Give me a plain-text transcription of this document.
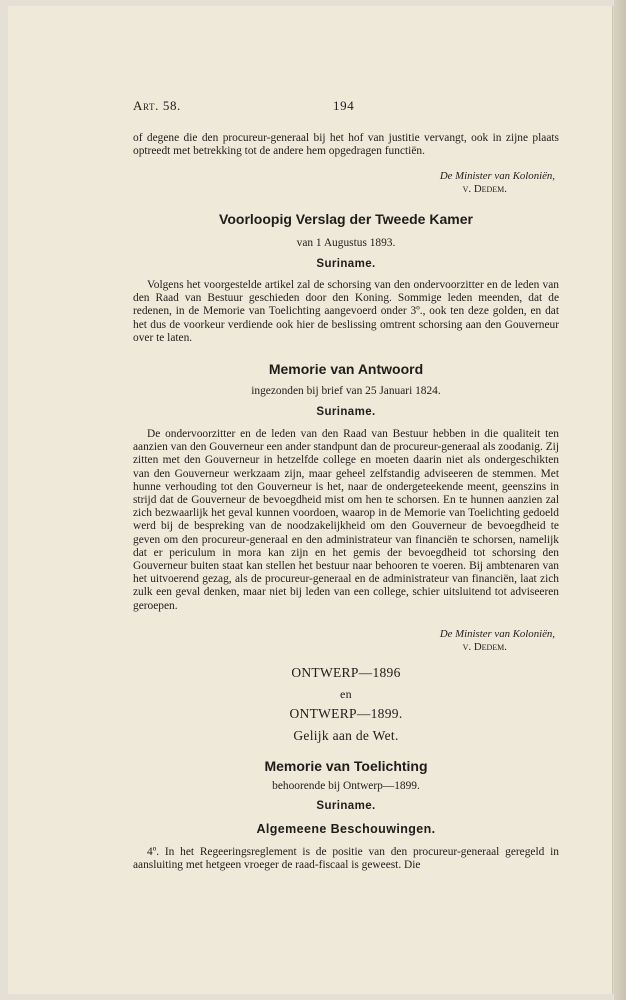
Art. 58.	194

of degene die den procureur-generaal bij het hof van justitie vervangt, ook in zijne plaats optreedt met betrekking tot de andere hem opgedragen functiën.

De Minister van Koloniën,
v. Dedem.
Voorloopig Verslag der Tweede Kamer
van 1 Augustus 1893.
Suriname.

Volgens het voorgestelde artikel zal de schorsing van den ondervoorzitter en de leden van den Raad van Bestuur geschieden door den Koning. Sommige leden meenden, dat de redenen, in de Memorie van Toelichting aangevoerd onder 3º., ook ten deze golden, en dat het dus de voorkeur verdiende ook hier de beslissing omtrent schorsing aan den Gouverneur over te laten.

Memorie van Antwoord
ingezonden bij brief van 25 Januari 1824.
Suriname.

De ondervoorzitter en de leden van den Raad van Bestuur hebben in die qualiteit ten aanzien van den Gouverneur een ander standpunt dan de procureur-generaal als zoodanig. Zij zitten met den Gouverneur in hetzelfde college en moeten daarin niet als ondergeschikten van den Gouverneur werkzaam zijn, maar geheel zelfstandig adviseeren de stemmen. Met hunne verhouding tot den Gouverneur is het, naar de ondergeteekende meent, geenszins in strijd dat de Gouverneur de bevoegdheid mist om hen te schorsen. En te hunnen aanzien zal zich bezwaarlijk het geval kunnen voordoen, waarop in de Memorie van Toelichting gedoeld werd bij de bespreking van de noodzakelijkheid om den Gouverneur de bevoegdheid te geven om den procureur-generaal en den administrateur van financiën te schorsen, namelijk dat er periculum in mora kan zijn en het gemis der bevoegdheid tot schorsing den Gouverneur buiten staat kan stellen het bestuur naar behooren te voeren. Bij ambtenaren van het uitvoerend gezag, als de procureur-generaal en de administrateur van financiën, laat zich zulk een geval denken, maar niet bij leden van een college, schier uitsluitend tot adviseeren geroepen.

De Minister van Koloniën,
v. Dedem.
ONTWERP—1896
en
ONTWERP—1899.
Gelijk aan de Wet.
Memorie van Toelichting
behoorende bij Ontwerp—1899.
Suriname.
Algemeene Beschouwingen.

4º. In het Regeeringsreglement is de positie van den procureur-generaal geregeld in aansluiting met hetgeen vroeger de raad-fiscaal is geweest. Die
